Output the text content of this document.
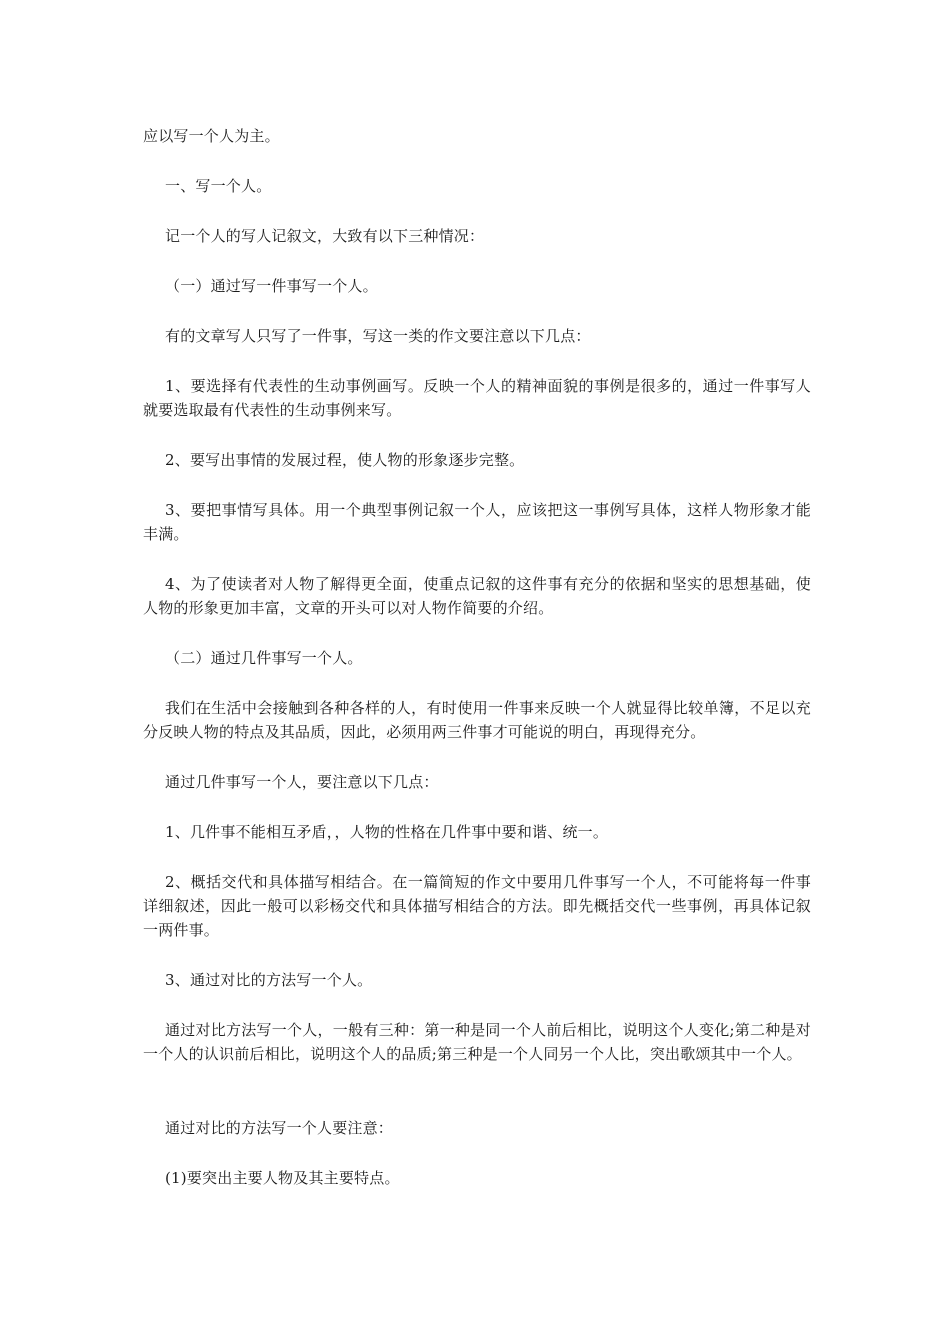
应以写一个人为主。

一、写一个人。

记一个人的写人记叙文，大致有以下三种情况：

（一）通过写一件事写一个人。

有的文章写人只写了一件事，写这一类的作文要注意以下几点：

1、要选择有代表性的生动事例画写。反映一个人的精神面貌的事例是很多的，通过一件事写人就要选取最有代表性的生动事例来写。

2、要写出事情的发展过程，使人物的形象逐步完整。

3、要把事情写具体。用一个典型事例记叙一个人，应该把这一事例写具体，这样人物形象才能丰满。

4、为了使读者对人物了解得更全面，使重点记叙的这件事有充分的依据和坚实的思想基础，使人物的形象更加丰富，文章的开头可以对人物作简要的介绍。

（二）通过几件事写一个人。

我们在生活中会接触到各种各样的人，有时使用一件事来反映一个人就显得比较单簿，不足以充分反映人物的特点及其品质，因此，必须用两三件事才可能说的明白，再现得充分。

通过几件事写一个人，要注意以下几点：

1、几件事不能相互矛盾，，人物的性格在几件事中要和谐、统一。

2、概括交代和具体描写相结合。在一篇简短的作文中要用几件事写一个人，不可能将每一件事详细叙述，因此一般可以彩杨交代和具体描写相结合的方法。即先概括交代一些事例，再具体记叙一两件事。

3、通过对比的方法写一个人。

通过对比方法写一个人，一般有三种：第一种是同一个人前后相比，说明这个人变化;第二种是对一个人的认识前后相比，说明这个人的品质;第三种是一个人同另一个人比，突出歌颂其中一个人。

通过对比的方法写一个人要注意：

(1)要突出主要人物及其主要特点。
